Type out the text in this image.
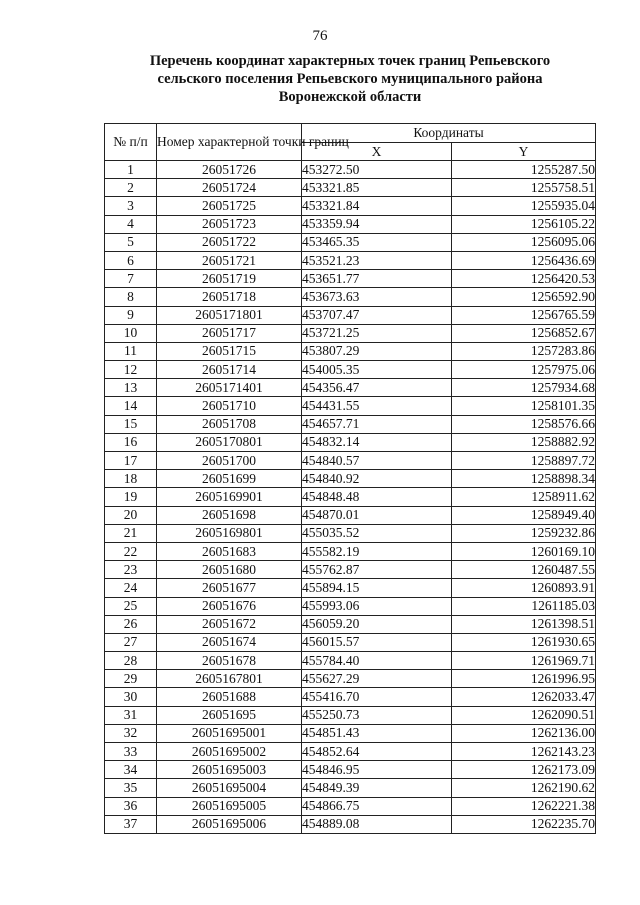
76
Перечень координат характерных точек границ Репьевского
сельского поселения Репьевского муниципального района
Воронежской области
№ п/п	Номер характерной точки границ	Координаты	
		X	Y
1	26051726	453272.50	1255287.50
2	26051724	453321.85	1255758.51
3	26051725	453321.84	1255935.04
4	26051723	453359.94	1256105.22
5	26051722	453465.35	1256095.06
6	26051721	453521.23	1256436.69
7	26051719	453651.77	1256420.53
8	26051718	453673.63	1256592.90
9	2605171801	453707.47	1256765.59
10	26051717	453721.25	1256852.67
11	26051715	453807.29	1257283.86
12	26051714	454005.35	1257975.06
13	2605171401	454356.47	1257934.68
14	26051710	454431.55	1258101.35
15	26051708	454657.71	1258576.66
16	2605170801	454832.14	1258882.92
17	26051700	454840.57	1258897.72
18	26051699	454840.92	1258898.34
19	2605169901	454848.48	1258911.62
20	26051698	454870.01	1258949.40
21	2605169801	455035.52	1259232.86
22	26051683	455582.19	1260169.10
23	26051680	455762.87	1260487.55
24	26051677	455894.15	1260893.91
25	26051676	455993.06	1261185.03
26	26051672	456059.20	1261398.51
27	26051674	456015.57	1261930.65
28	26051678	455784.40	1261969.71
29	2605167801	455627.29	1261996.95
30	26051688	455416.70	1262033.47
31	26051695	455250.73	1262090.51
32	26051695001	454851.43	1262136.00
33	26051695002	454852.64	1262143.23
34	26051695003	454846.95	1262173.09
35	26051695004	454849.39	1262190.62
36	26051695005	454866.75	1262221.38
37	26051695006	454889.08	1262235.70
